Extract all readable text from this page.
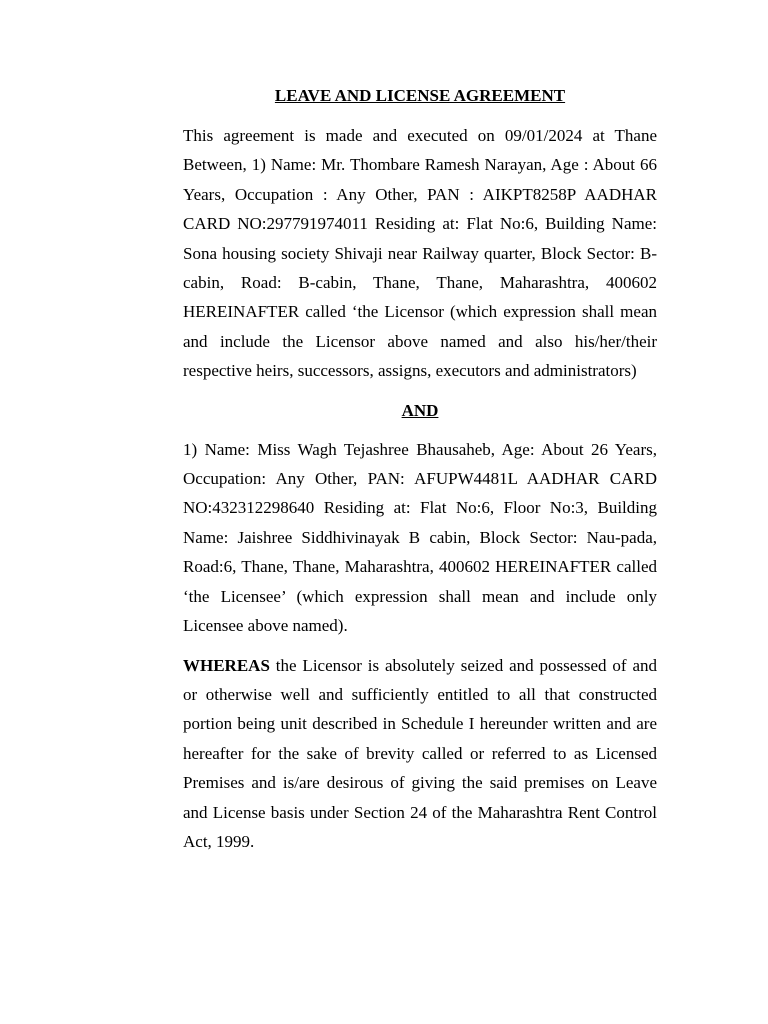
LEAVE AND LICENSE AGREEMENT

This agreement is made and executed on 09/01/2024 at Thane Between, 1) Name: Mr. Thombare Ramesh Narayan, Age : About 66 Years, Occupation : Any Other, PAN : AIKPT8258P AADHAR CARD NO:297791974011 Residing at: Flat No:6, Building Name: Sona housing society Shivaji near Railway quarter, Block Sector: B-cabin, Road: B-cabin, Thane, Thane, Maharashtra, 400602 HEREINAFTER called ‘the Licensor (which expression shall mean and include the Licensor above named and also his/her/their respective heirs, successors, assigns, executors and administrators)

AND

1) Name: Miss Wagh Tejashree Bhausaheb, Age: About 26 Years, Occupation: Any Other, PAN: AFUPW4481L AADHAR CARD NO:432312298640 Residing at: Flat No:6, Floor No:3, Building Name: Jaishree Siddhivinayak B cabin, Block Sector: Nau-pada, Road:6, Thane, Thane, Maharashtra, 400602 HEREINAFTER called ‘the Licensee’ (which expression shall mean and include only Licensee above named).

WHEREAS the Licensor is absolutely seized and possessed of and or otherwise well and sufficiently entitled to all that constructed portion being unit described in Schedule I hereunder written and are hereafter for the sake of brevity called or referred to as Licensed Premises and is/are desirous of giving the said premises on Leave and License basis under Section 24 of the Maharashtra Rent Control Act, 1999.
